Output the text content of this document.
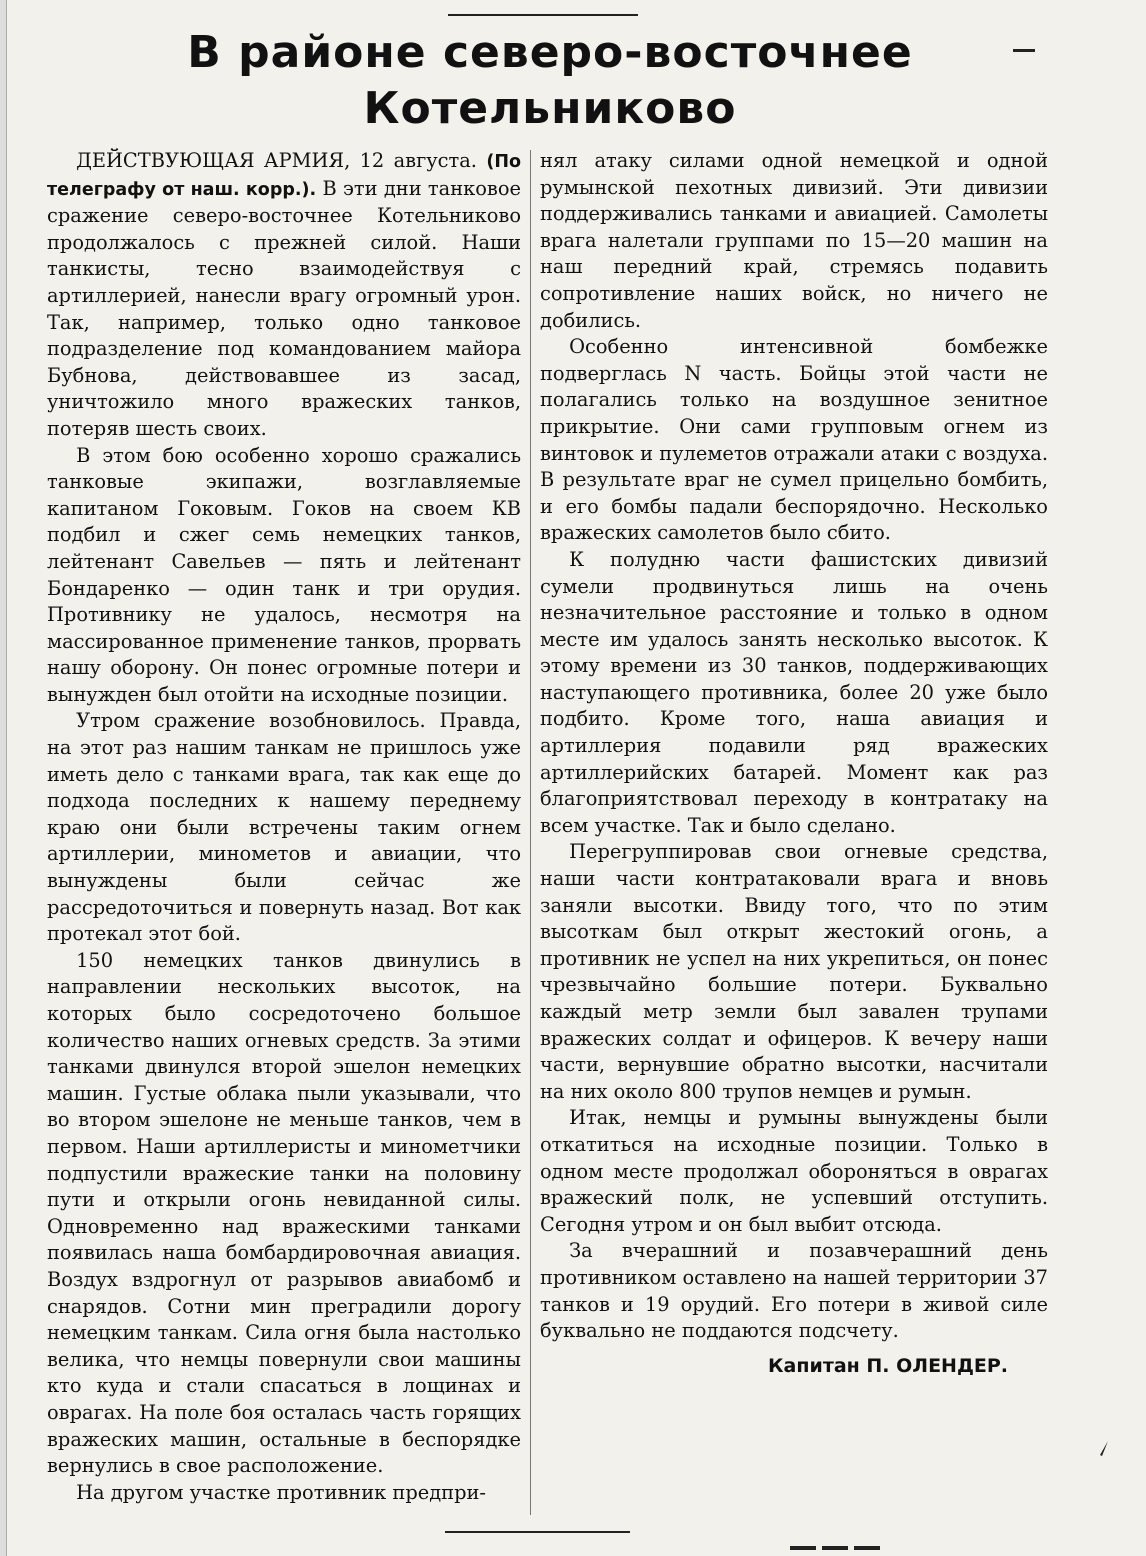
В районе северо-восточнее
Котельниково

ДЕЙСТВУЮЩАЯ АРМИЯ, 12 августа. (По телеграфу от наш. корр.). В эти дни танковое сражение северо-восточнее Котельниково продолжалось с прежней силой. Наши танкисты, тесно взаимодействуя с артиллерией, нанесли врагу огромный урон. Так, например, только одно танковое подразделение под командованием майора Бубнова, действовавшее из засад, уничтожило много вражеских танков, потеряв шесть своих.

В этом бою особенно хорошо сражались танковые экипажи, возглавляемые капитаном Гоковым. Гоков на своем КВ подбил и сжег семь немецких танков, лейтенант Савельев — пять и лейтенант Бондаренко — один танк и три орудия. Противнику не удалось, несмотря на массированное применение танков, прорвать нашу оборону. Он понес огромные потери и вынужден был отойти на исходные позиции.

Утром сражение возобновилось. Правда, на этот раз нашим танкам не пришлось уже иметь дело с танками врага, так как еще до подхода последних к нашему переднему краю они были встречены таким огнем артиллерии, минометов и авиации, что вынуждены были сейчас же рассредоточиться и повернуть назад. Вот как протекал этот бой.

150 немецких танков двинулись в направлении нескольких высоток, на которых было сосредоточено большое количество наших огневых средств. За этими танками двинулся второй эшелон немецких машин. Густые облака пыли указывали, что во втором эшелоне не меньше танков, чем в первом. Наши артиллеристы и минометчики подпустили вражеские танки на половину пути и открыли огонь невиданной силы. Одновременно над вражескими танками появилась наша бомбардировочная авиация. Воздух вздрогнул от разрывов авиабомб и снарядов. Сотни мин преградили дорогу немецким танкам. Сила огня была настолько велика, что немцы повернули свои машины кто куда и стали спасаться в лощинах и оврагах. На поле боя осталась часть горящих вражеских машин, остальные в беспорядке вернулись в свое расположение.

На другом участке противник предпри-

нял атаку силами одной немецкой и одной румынской пехотных дивизий. Эти дивизии поддерживались танками и авиацией. Самолеты врага налетали группами по 15—20 машин на наш передний край, стремясь подавить сопротивление наших войск, но ничего не добились.

Особенно интенсивной бомбежке подверглась N часть. Бойцы этой части не полагались только на воздушное зенитное прикрытие. Они сами групповым огнем из винтовок и пулеметов отражали атаки с воздуха. В результате враг не сумел прицельно бомбить, и его бомбы падали беспорядочно. Несколько вражеских самолетов было сбито.

К полудню части фашистских дивизий сумели продвинуться лишь на очень незначительное расстояние и только в одном месте им удалось занять несколько высоток. К этому времени из 30 танков, поддерживающих наступающего противника, более 20 уже было подбито. Кроме того, наша авиация и артиллерия подавили ряд вражеских артиллерийских батарей. Момент как раз благоприятствовал переходу в контратаку на всем участке. Так и было сделано.

Перегруппировав свои огневые средства, наши части контратаковали врага и вновь заняли высотки. Ввиду того, что по этим высоткам был открыт жестокий огонь, а противник не успел на них укрепиться, он понес чрезвычайно большие потери. Буквально каждый метр земли был завален трупами вражеских солдат и офицеров. К вечеру наши части, вернувшие обратно высотки, насчитали на них около 800 трупов немцев и румын.

Итак, немцы и румыны вынуждены были откатиться на исходные позиции. Только в одном месте продолжал обороняться в оврагах вражеский полк, не успевший отступить. Сегодня утром и он был выбит отсюда.

За вчерашний и позавчерашний день противником оставлено на нашей территории 37 танков и 19 орудий. Его потери в живой силе буквально не поддаются подсчету.

Капитан П. ОЛЕНДЕР.
